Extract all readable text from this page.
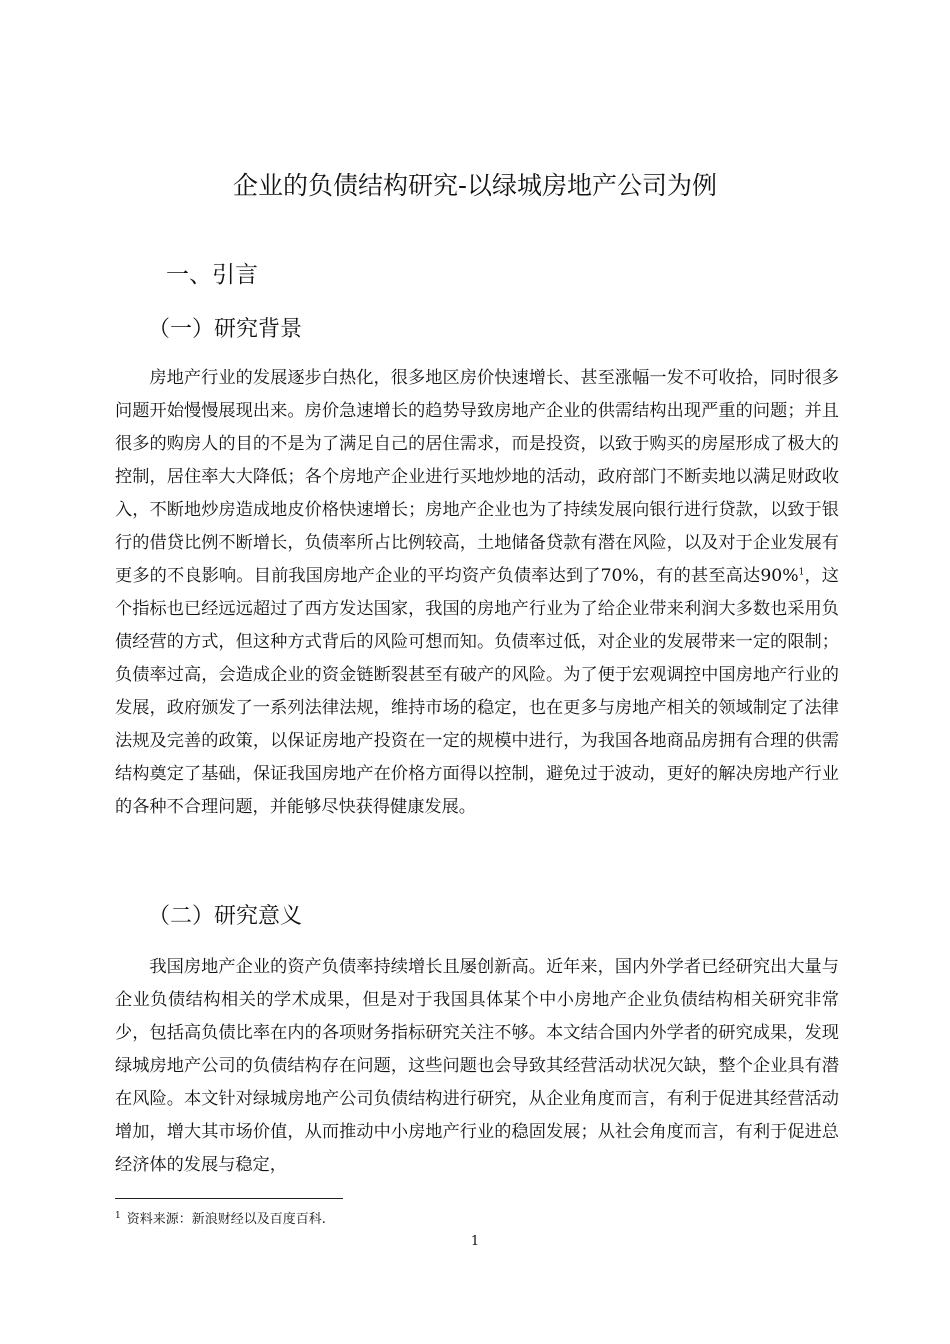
企业的负债结构研究-以绿城房地产公司为例
一、引言
（一）研究背景

房地产行业的发展逐步白热化，很多地区房价快速增长、甚至涨幅一发不可收拾，同时很多问题开始慢慢展现出来。房价急速增长的趋势导致房地产企业的供需结构出现严重的问题；并且很多的购房人的目的不是为了满足自己的居住需求，而是投资，以致于购买的房屋形成了极大的控制，居住率大大降低；各个房地产企业进行买地炒地的活动，政府部门不断卖地以满足财政收入，不断地炒房造成地皮价格快速增长；房地产企业也为了持续发展向银行进行贷款，以致于银行的借贷比例不断增长，负债率所占比例较高，土地储备贷款有潜在风险，以及对于企业发展有更多的不良影响。目前我国房地产企业的平均资产负债率达到了70%，有的甚至高达90%$^1$，这个指标也已经远远超过了西方发达国家，我国的房地产行业为了给企业带来利润大多数也采用负债经营的方式，但这种方式背后的风险可想而知。负债率过低，对企业的发展带来一定的限制；负债率过高，会造成企业的资金链断裂甚至有破产的风险。为了便于宏观调控中国房地产行业的发展，政府颁发了一系列法律法规，维持市场的稳定，也在更多与房地产相关的领域制定了法律法规及完善的政策，以保证房地产投资在一定的规模中进行，为我国各地商品房拥有合理的供需结构奠定了基础，保证我国房地产在价格方面得以控制，避免过于波动，更好的解决房地产行业的各种不合理问题，并能够尽快获得健康发展。

（二）研究意义

我国房地产企业的资产负债率持续增长且屡创新高。近年来，国内外学者已经研究出大量与企业负债结构相关的学术成果，但是对于我国具体某个中小房地产企业负债结构相关研究非常少，包括高负债比率在内的各项财务指标研究关注不够。本文结合国内外学者的研究成果，发现绿城房地产公司的负债结构存在问题，这些问题也会导致其经营活动状况欠缺，整个企业具有潜在风险。本文针对绿城房地产公司负债结构进行研究，从企业角度而言，有利于促进其经营活动增加，增大其市场价值，从而推动中小房地产行业的稳固发展；从社会角度而言，有利于促进总经济体的发展与稳定，

$^1$ 资料来源：新浪财经以及百度百科.

1
